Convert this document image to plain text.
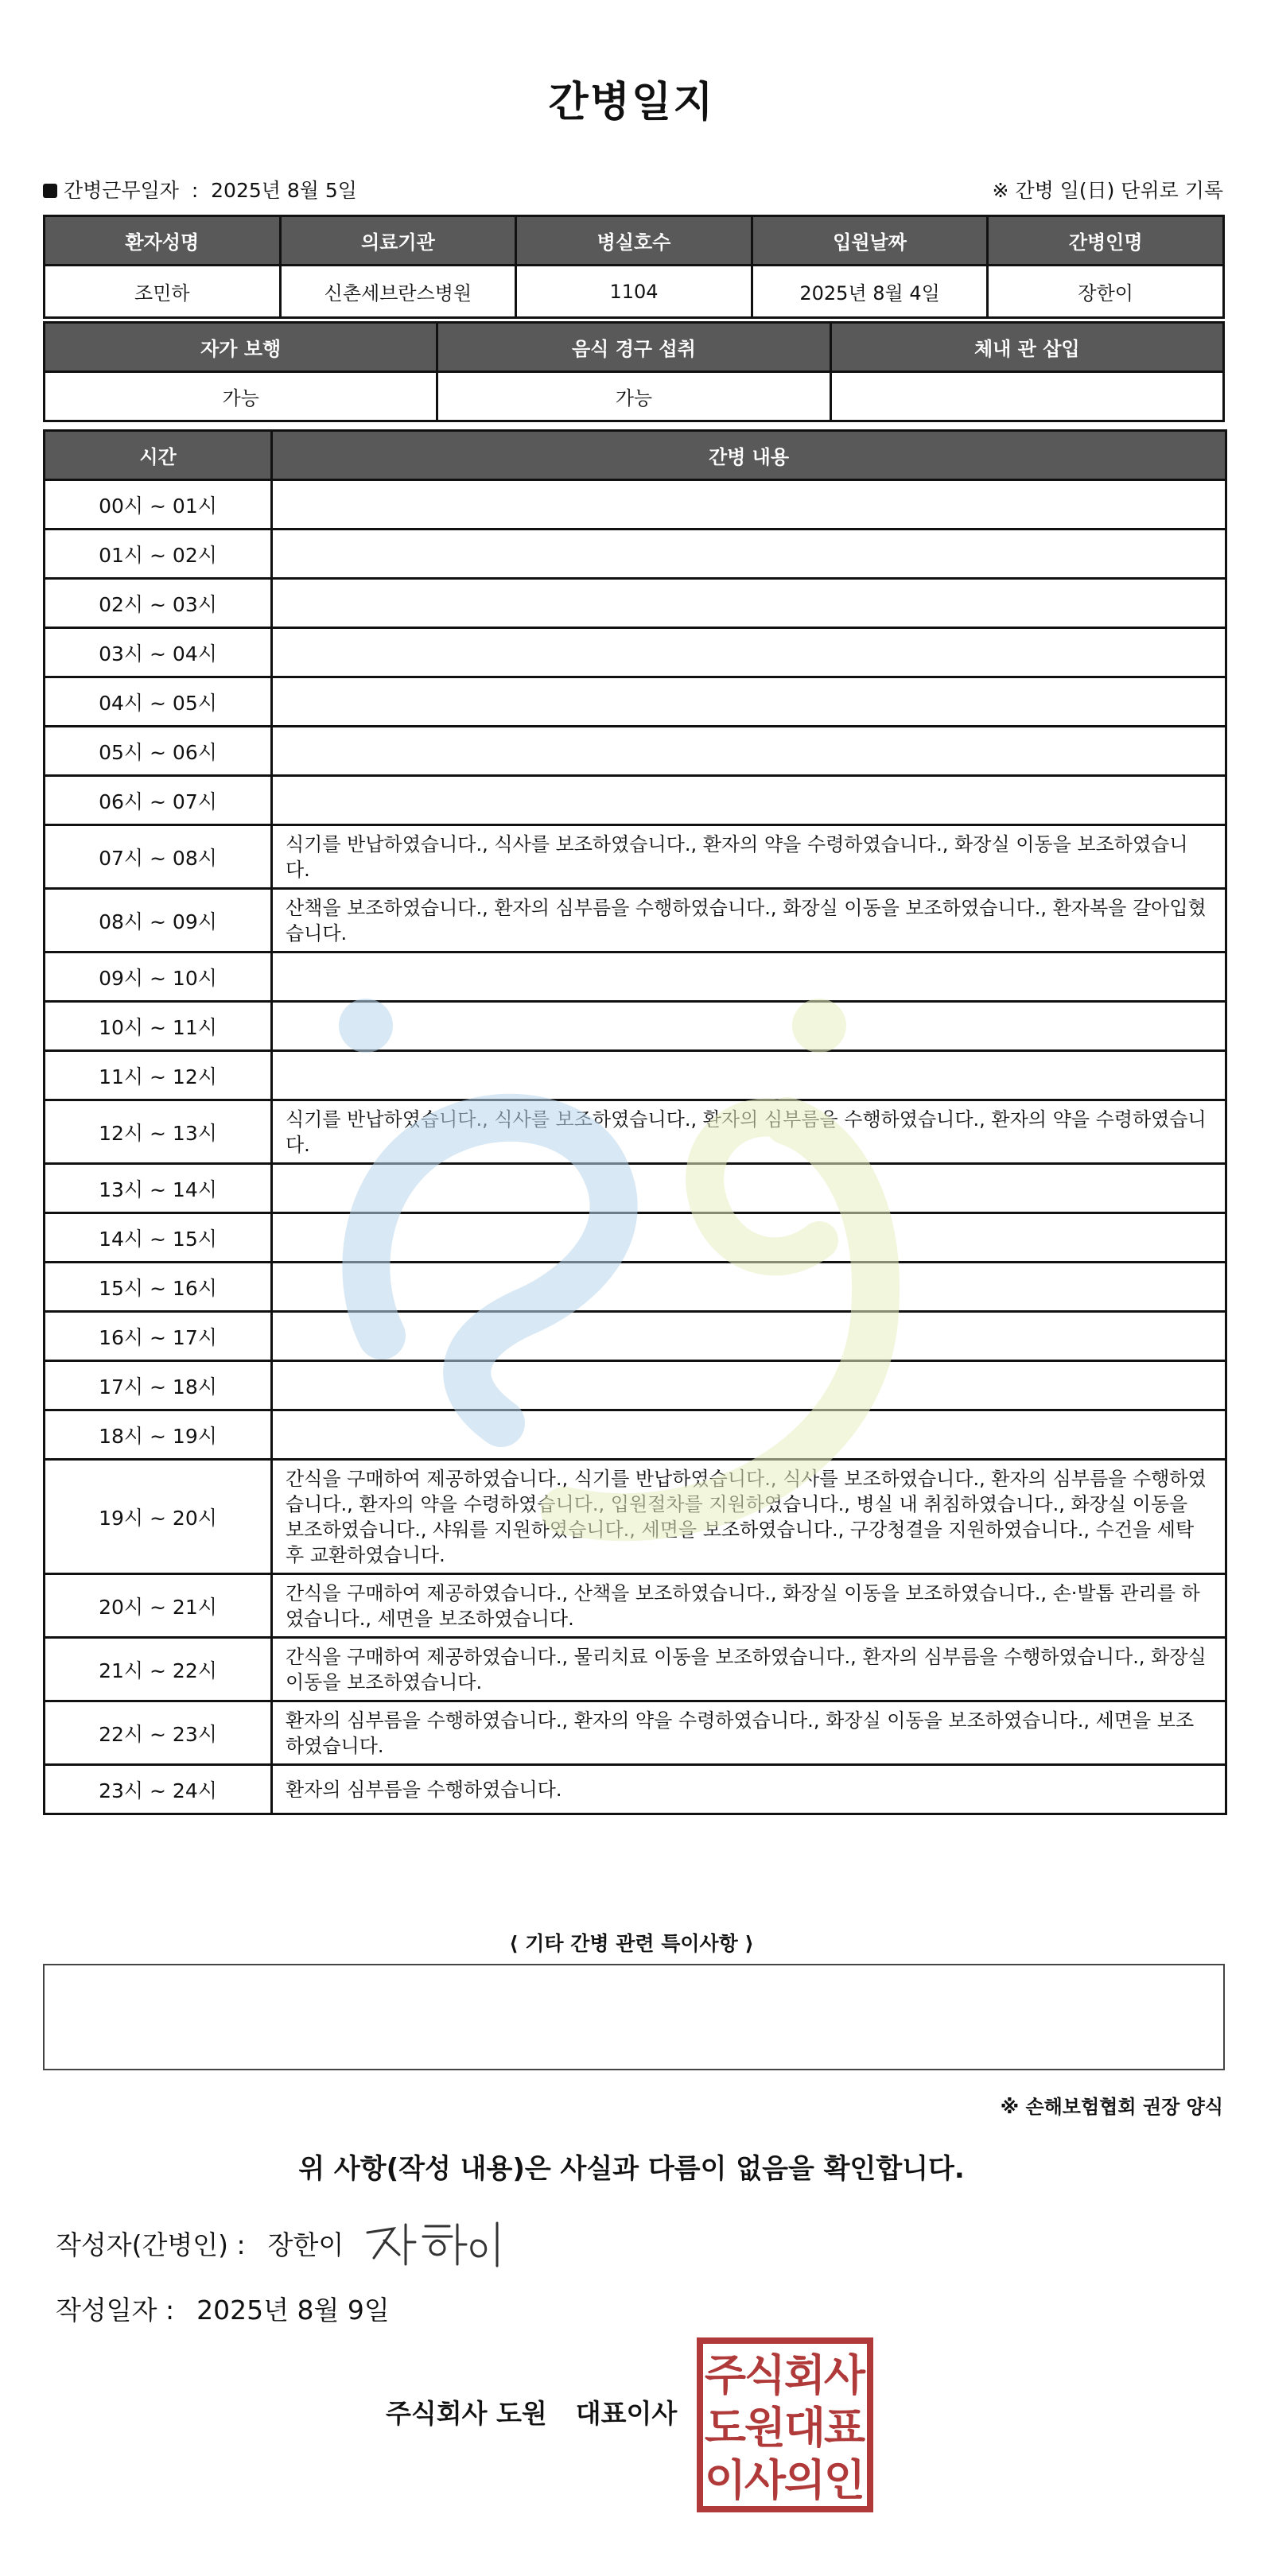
간병일지
간병근무일자 : 2025년 8월 5일	※ 간병 일(日) 단위로 기록
환자성명	의료기관	병실호수	입원날짜	간병인명
조민하	신촌세브란스병원	1104	2025년 8월 4일	장한이
자가 보행	음식 경구 섭취	체내 관 삽입
가능	가능	
시간	간병 내용
00시 ~ 01시	
01시 ~ 02시	
02시 ~ 03시	
03시 ~ 04시	
04시 ~ 05시	
05시 ~ 06시	
06시 ~ 07시	
07시 ~ 08시	식기를 반납하였습니다., 식사를 보조하였습니다., 환자의 약을 수령하였습니다., 화장실 이동을 보조하였습니다.
08시 ~ 09시	산책을 보조하였습니다., 환자의 심부름을 수행하였습니다., 화장실 이동을 보조하였습니다., 환자복을 갈아입혔습니다.
09시 ~ 10시	
10시 ~ 11시	
11시 ~ 12시	
12시 ~ 13시	식기를 반납하였습니다., 식사를 보조하였습니다., 환자의 심부름을 수행하였습니다., 환자의 약을 수령하였습니다.
13시 ~ 14시	
14시 ~ 15시	
15시 ~ 16시	
16시 ~ 17시	
17시 ~ 18시	
18시 ~ 19시	
19시 ~ 20시	간식을 구매하여 제공하였습니다., 식기를 반납하였습니다., 식사를 보조하였습니다., 환자의 심부름을 수행하였습니다., 환자의 약을 수령하였습니다., 입원절차를 지원하였습니다., 병실 내 취침하였습니다., 화장실 이동을 보조하였습니다., 샤워를 지원하였습니다., 세면을 보조하였습니다., 구강청결을 지원하였습니다., 수건을 세탁 후 교환하였습니다.
20시 ~ 21시	간식을 구매하여 제공하였습니다., 산책을 보조하였습니다., 화장실 이동을 보조하였습니다., 손·발톱 관리를 하였습니다., 세면을 보조하였습니다.
21시 ~ 22시	간식을 구매하여 제공하였습니다., 물리치료 이동을 보조하였습니다., 환자의 심부름을 수행하였습니다., 화장실 이동을 보조하였습니다.
22시 ~ 23시	환자의 심부름을 수행하였습니다., 환자의 약을 수령하였습니다., 화장실 이동을 보조하였습니다., 세면을 보조하였습니다.
23시 ~ 24시	환자의 심부름을 수행하였습니다.
⟨ 기타 간병 관련 특이사항 ⟩
※ 손해보험협회 권장 양식
위 사항(작성 내용)은 사실과 다름이 없음을 확인합니다.
작성자(간병인) : 장한이
작성일자 : 2025년 8월 9일
주식회사 도원 대표이사
주
식
회
사
도
원
대
표
이
사
의
인
